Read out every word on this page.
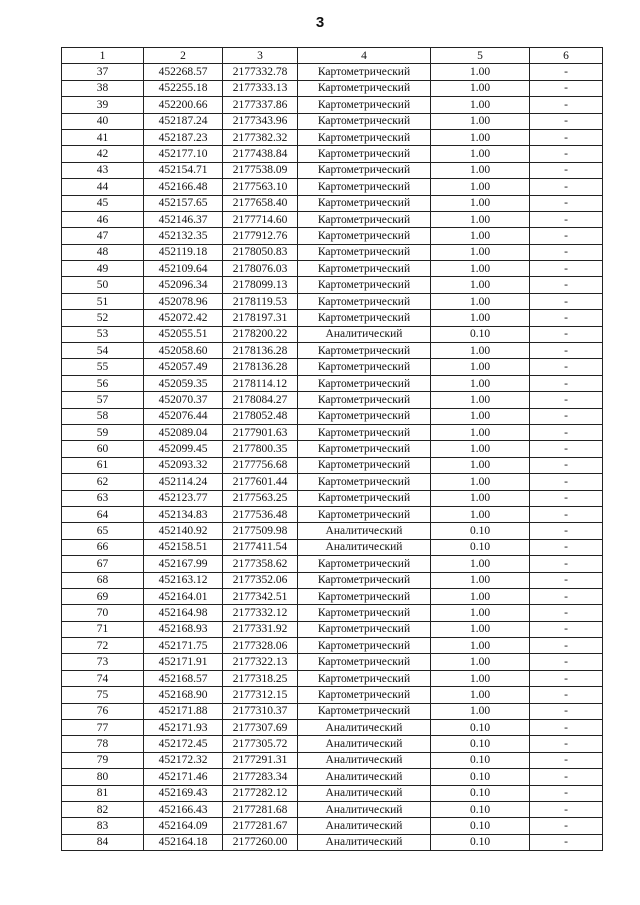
3
1	2	3	4	5	6
37	452268.57	2177332.78	Картометрический	1.00	-
38	452255.18	2177333.13	Картометрический	1.00	-
39	452200.66	2177337.86	Картометрический	1.00	-
40	452187.24	2177343.96	Картометрический	1.00	-
41	452187.23	2177382.32	Картометрический	1.00	-
42	452177.10	2177438.84	Картометрический	1.00	-
43	452154.71	2177538.09	Картометрический	1.00	-
44	452166.48	2177563.10	Картометрический	1.00	-
45	452157.65	2177658.40	Картометрический	1.00	-
46	452146.37	2177714.60	Картометрический	1.00	-
47	452132.35	2177912.76	Картометрический	1.00	-
48	452119.18	2178050.83	Картометрический	1.00	-
49	452109.64	2178076.03	Картометрический	1.00	-
50	452096.34	2178099.13	Картометрический	1.00	-
51	452078.96	2178119.53	Картометрический	1.00	-
52	452072.42	2178197.31	Картометрический	1.00	-
53	452055.51	2178200.22	Аналитический	0.10	-
54	452058.60	2178136.28	Картометрический	1.00	-
55	452057.49	2178136.28	Картометрический	1.00	-
56	452059.35	2178114.12	Картометрический	1.00	-
57	452070.37	2178084.27	Картометрический	1.00	-
58	452076.44	2178052.48	Картометрический	1.00	-
59	452089.04	2177901.63	Картометрический	1.00	-
60	452099.45	2177800.35	Картометрический	1.00	-
61	452093.32	2177756.68	Картометрический	1.00	-
62	452114.24	2177601.44	Картометрический	1.00	-
63	452123.77	2177563.25	Картометрический	1.00	-
64	452134.83	2177536.48	Картометрический	1.00	-
65	452140.92	2177509.98	Аналитический	0.10	-
66	452158.51	2177411.54	Аналитический	0.10	-
67	452167.99	2177358.62	Картометрический	1.00	-
68	452163.12	2177352.06	Картометрический	1.00	-
69	452164.01	2177342.51	Картометрический	1.00	-
70	452164.98	2177332.12	Картометрический	1.00	-
71	452168.93	2177331.92	Картометрический	1.00	-
72	452171.75	2177328.06	Картометрический	1.00	-
73	452171.91	2177322.13	Картометрический	1.00	-
74	452168.57	2177318.25	Картометрический	1.00	-
75	452168.90	2177312.15	Картометрический	1.00	-
76	452171.88	2177310.37	Картометрический	1.00	-
77	452171.93	2177307.69	Аналитический	0.10	-
78	452172.45	2177305.72	Аналитический	0.10	-
79	452172.32	2177291.31	Аналитический	0.10	-
80	452171.46	2177283.34	Аналитический	0.10	-
81	452169.43	2177282.12	Аналитический	0.10	-
82	452166.43	2177281.68	Аналитический	0.10	-
83	452164.09	2177281.67	Аналитический	0.10	-
84	452164.18	2177260.00	Аналитический	0.10	-
